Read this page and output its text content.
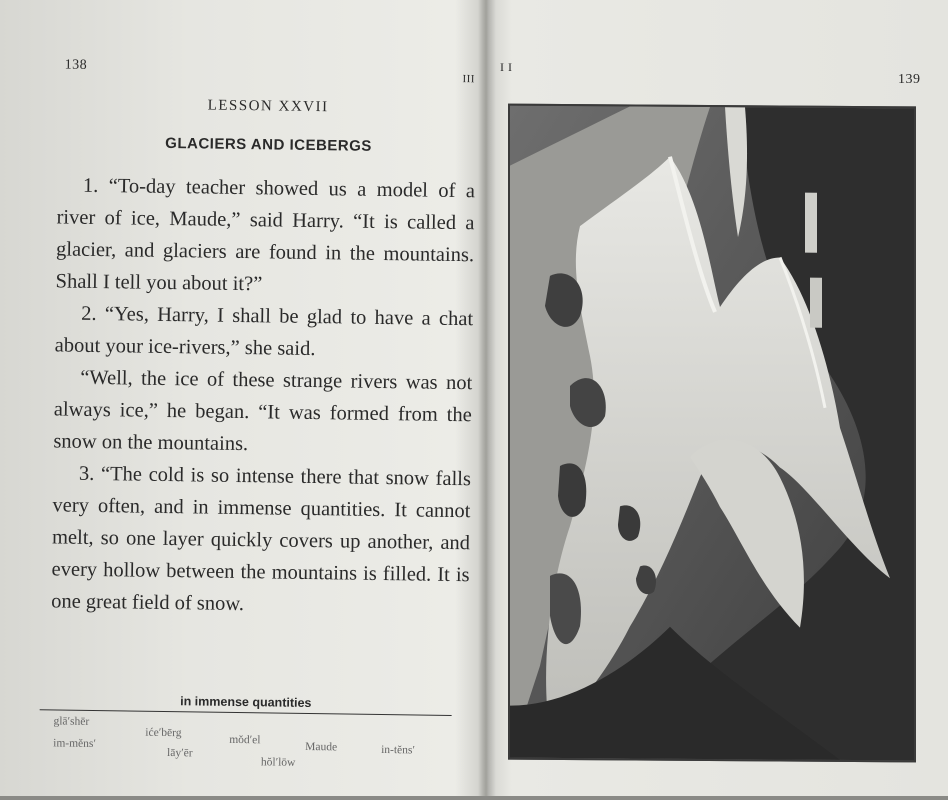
138
III
LESSON XXVII
GLACIERS AND ICEBERGS

1. “To-day teacher showed us a model of a river of ice, Maude,” said Harry. “It is called a glacier, and glaciers are found in the mountains. Shall I tell you about it?”

2. “Yes, Harry, I shall be glad to have a chat about your ice-rivers,” she said.

“Well, the ice of these strange rivers was not always ice,” he began. “It was formed from the snow on the mountains.

3. “The cold is so intense there that snow falls very often, and in immense quantities. It cannot melt, so one layer quickly covers up another, and every hollow between the mountains is filled. It is one great field of snow.

in immense quantities
glā′shēr
iće′bērg
mŏd′el
Maude	in-tĕns′
im-mĕns′
lāy′ēr
hŏl′lōw
I I
139
